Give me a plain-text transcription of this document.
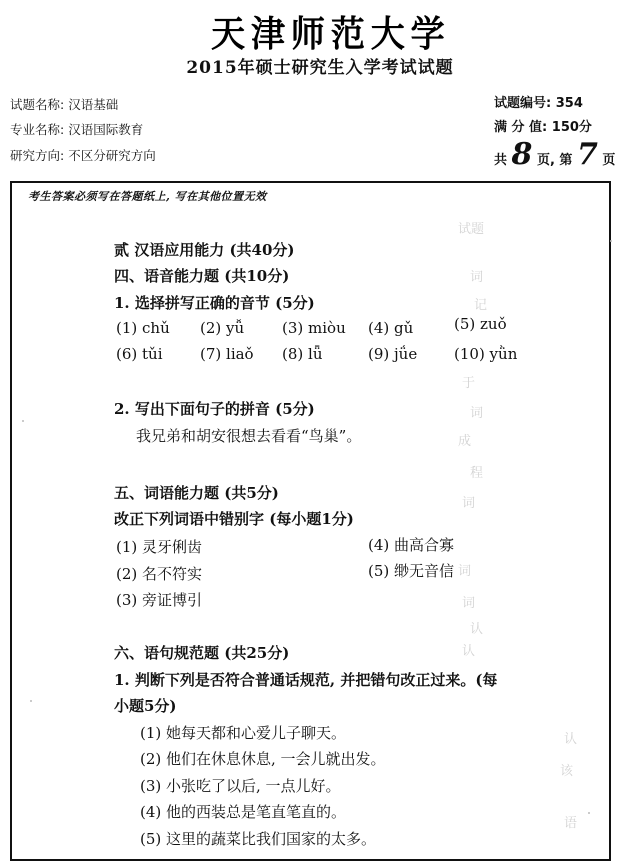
天津师范大学
2015年硕士研究生入学考试试题
试题名称: 汉语基础
专业名称: 汉语国际教育
研究方向: 不区分研究方向
试题编号: 354
满 分 值: 150分
共 8 页, 第 7 页
考生答案必须写在答题纸上, 写在其他位置无效
试题
词
记
于
词
成
程
词
词
词
认
认
认
该
语
贰 汉语应用能力 (共40分)
四、语音能力题 (共10分)
1. 选择拼写正确的音节 (5分)
(1) chǔ (2) yǚ	(3) miòu (4) gǔ	(5) zuǒ
(6) tǔi (7) liaǒ (8) lǖ	(9) jǘe (10) yǜn
2. 写出下面句子的拼音 (5分)
我兄弟和胡安很想去看看“鸟巢”。
五、词语能力题 (共5分)
改正下列词语中错别字 (每小题1分)
(1) 灵牙俐齿
(2) 名不符实
(3) 旁证博引
(4) 曲高合寡
(5) 缈无音信
六、语句规范题 (共25分)
1. 判断下列是否符合普通话规范, 并把错句改正过来。(每
小题5分)
(1) 她每天都和心爱儿子聊天。
(2) 他们在休息休息, 一会儿就出发。
(3) 小张吃了以后, 一点儿好。
(4) 他的西装总是笔直笔直的。
(5) 这里的蔬菜比我们国家的太多。
